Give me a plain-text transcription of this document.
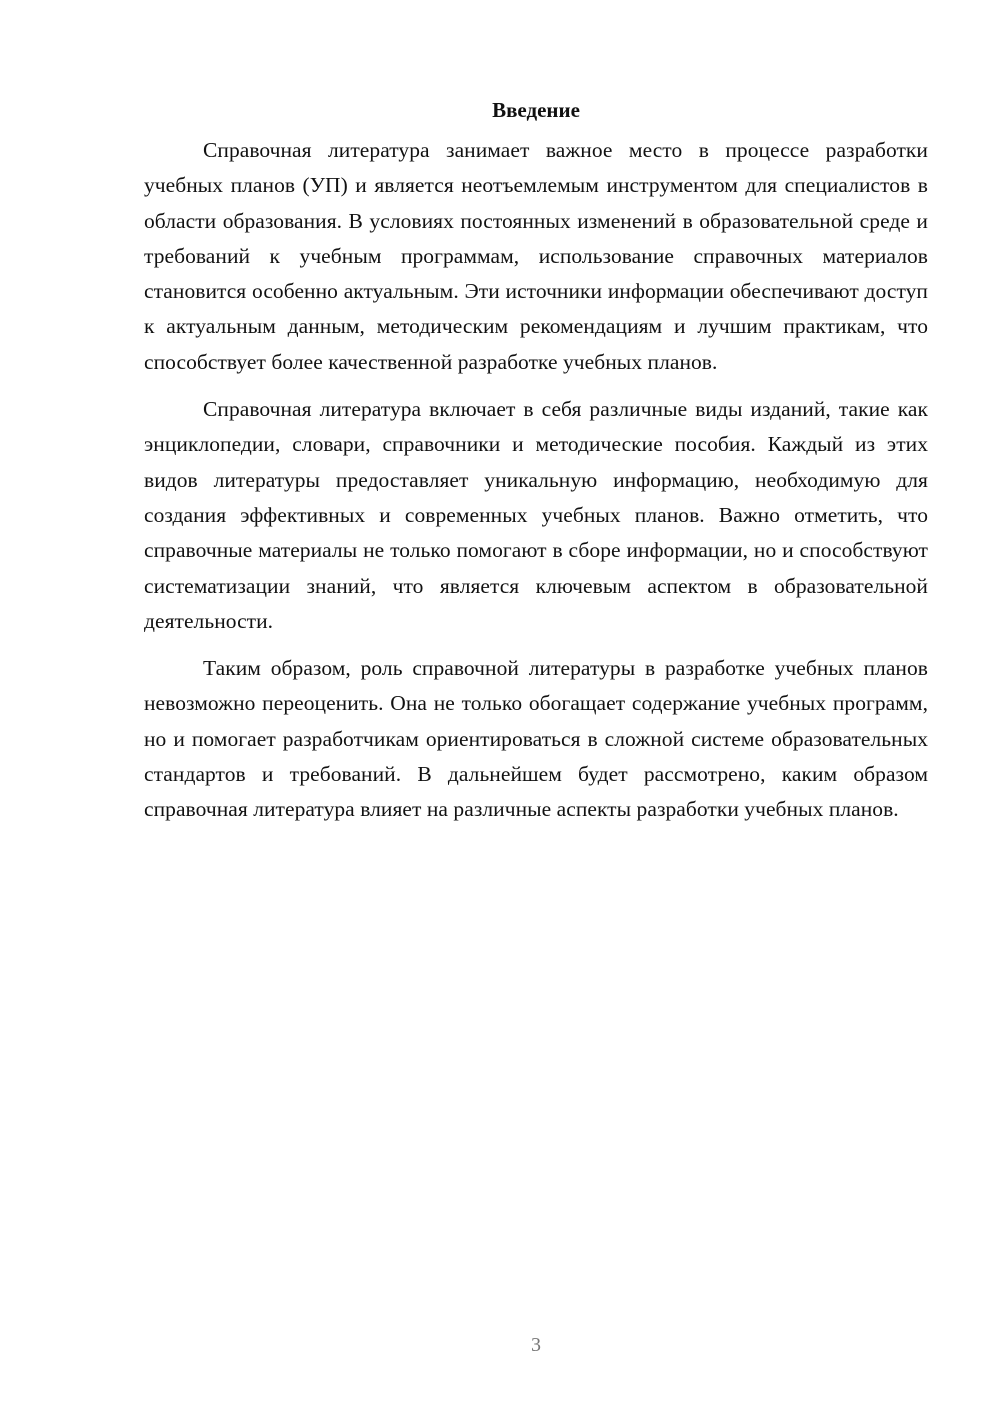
Введение

Справочная литература занимает важное место в процессе разработки учебных планов (УП) и является неотъемлемым инструментом для специалистов в области образования. В условиях постоянных изменений в образовательной среде и требований к учебным программам, использование справочных материалов становится особенно актуальным. Эти источники информации обеспечивают доступ к актуальным данным, методическим рекомендациям и лучшим практикам, что способствует более качественной разработке учебных планов.

Справочная литература включает в себя различные виды изданий, такие как энциклопедии, словари, справочники и методические пособия. Каждый из этих видов литературы предоставляет уникальную информацию, необходимую для создания эффективных и современных учебных планов. Важно отметить, что справочные материалы не только помогают в сборе информации, но и способствуют систематизации знаний, что является ключевым аспектом в образовательной деятельности.

Таким образом, роль справочной литературы в разработке учебных планов невозможно переоценить. Она не только обогащает содержание учебных программ, но и помогает разработчикам ориентироваться в сложной системе образовательных стандартов и требований. В дальнейшем будет рассмотрено, каким образом справочная литература влияет на различные аспекты разработки учебных планов.

3
